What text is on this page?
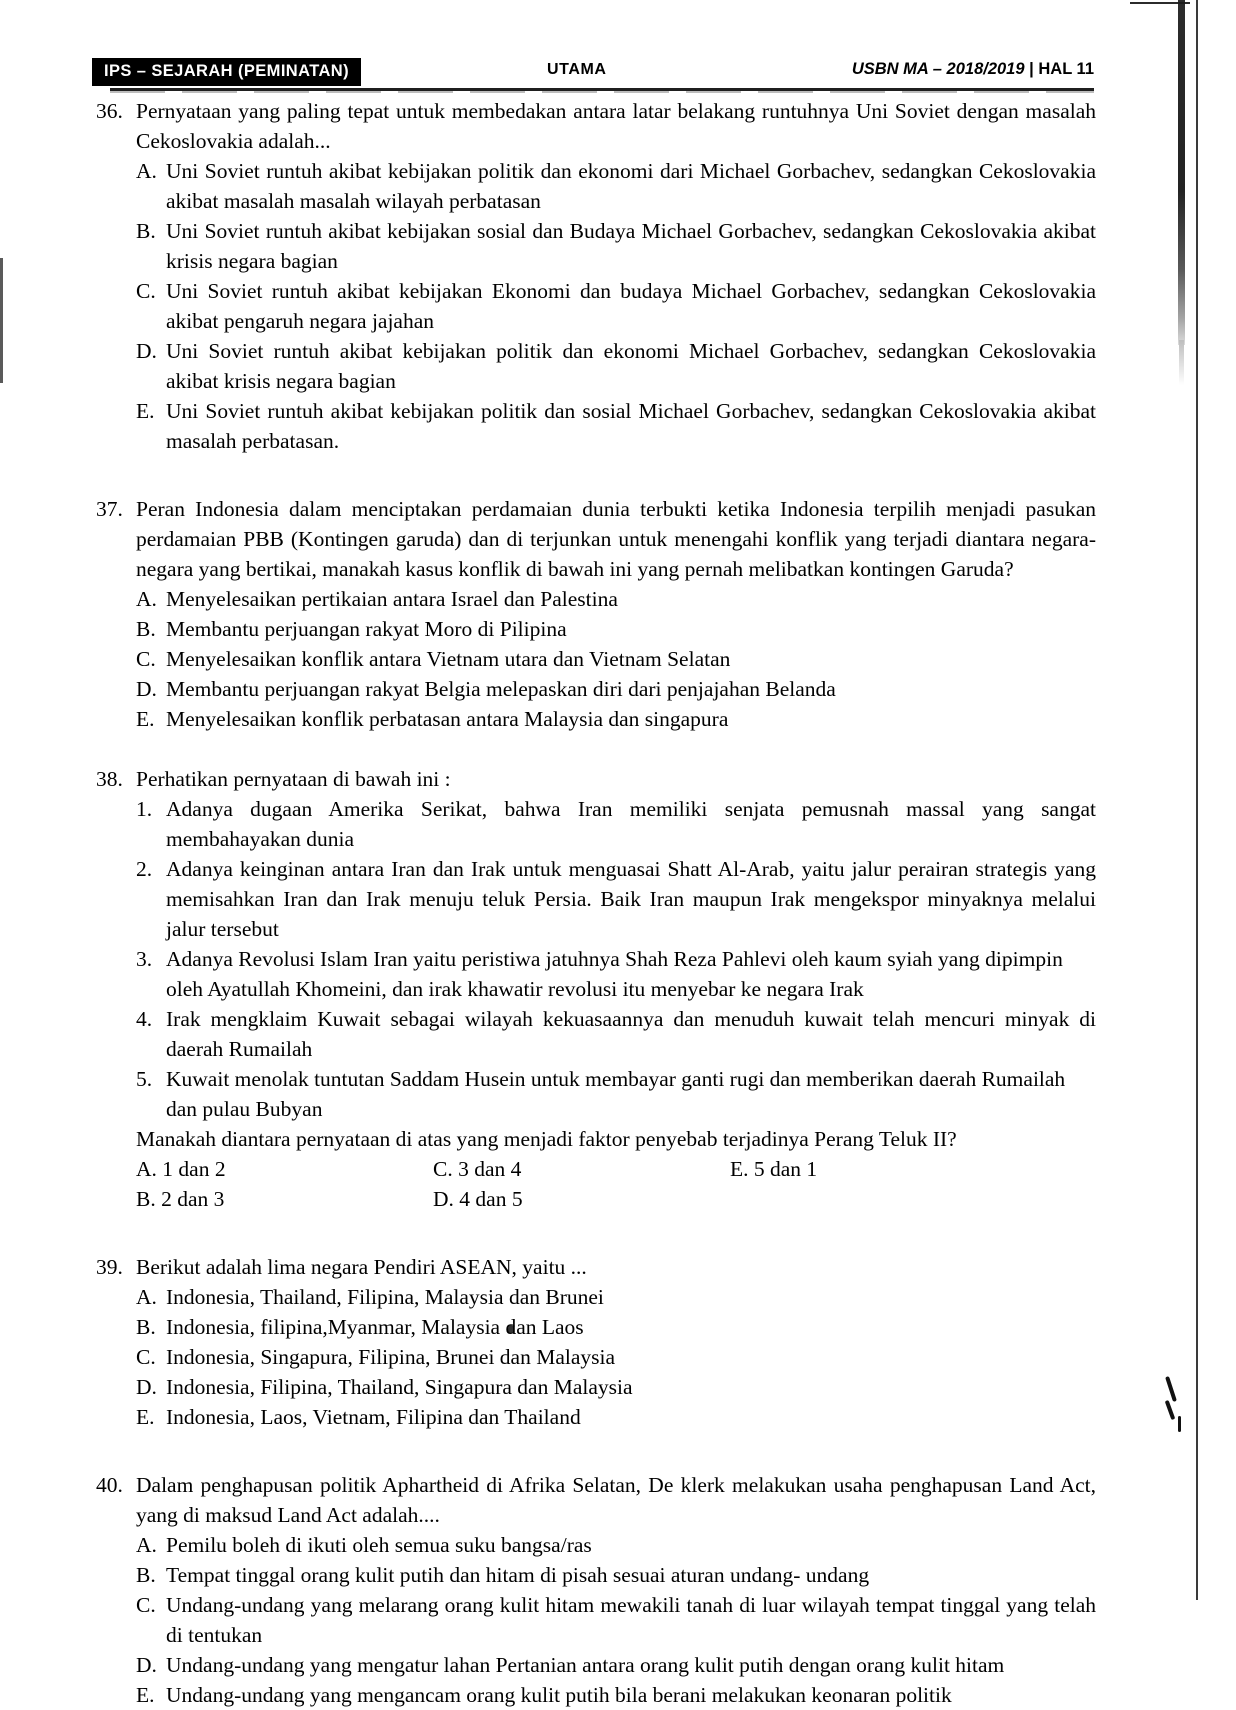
IPS – SEJARAH (PEMINATAN)	UTAMA	USBN MA – 2018/2019 | HAL 11
36. Pernyataan yang paling tepat untuk membedakan antara latar belakang runtuhnya Uni Soviet dengan masalah Cekoslovakia adalah...
A. Uni Soviet runtuh akibat kebijakan politik dan ekonomi dari Michael Gorbachev, sedangkan Cekoslovakia akibat masalah masalah wilayah perbatasan
B. Uni Soviet runtuh akibat kebijakan sosial dan Budaya Michael Gorbachev, sedangkan Cekoslovakia akibat krisis negara bagian
C. Uni Soviet runtuh akibat kebijakan Ekonomi dan budaya Michael Gorbachev, sedangkan Cekoslovakia akibat pengaruh negara jajahan
D. Uni Soviet runtuh akibat kebijakan politik dan ekonomi Michael Gorbachev, sedangkan Cekoslovakia akibat krisis negara bagian
E. Uni Soviet runtuh akibat kebijakan politik dan sosial Michael Gorbachev, sedangkan Cekoslovakia akibat masalah perbatasan.
37. Peran Indonesia dalam menciptakan perdamaian dunia terbukti ketika Indonesia terpilih menjadi pasukan perdamaian PBB (Kontingen garuda) dan di terjunkan untuk menengahi konflik yang terjadi diantara negara-negara yang bertikai, manakah kasus konflik di bawah ini yang pernah melibatkan kontingen Garuda?
A. Menyelesaikan pertikaian antara Israel dan Palestina
B. Membantu perjuangan rakyat Moro di Pilipina
C. Menyelesaikan konflik antara Vietnam utara dan Vietnam Selatan
D. Membantu perjuangan rakyat Belgia melepaskan diri dari penjajahan Belanda
E. Menyelesaikan konflik perbatasan antara Malaysia dan singapura
38. Perhatikan pernyataan di bawah ini :
1. Adanya dugaan Amerika Serikat, bahwa Iran memiliki senjata pemusnah massal yang sangat membahayakan dunia
2. Adanya keinginan antara Iran dan Irak untuk menguasai Shatt Al-Arab, yaitu jalur perairan strategis yang memisahkan Iran dan Irak menuju teluk Persia. Baik Iran maupun Irak mengekspor minyaknya melalui jalur tersebut
3. Adanya Revolusi Islam Iran yaitu peristiwa jatuhnya Shah Reza Pahlevi oleh kaum syiah yang dipimpin oleh Ayatullah Khomeini, dan irak khawatir revolusi itu menyebar ke negara Irak
4. Irak mengklaim Kuwait sebagai wilayah kekuasaannya dan menuduh kuwait telah mencuri minyak di daerah Rumailah
5. Kuwait menolak tuntutan Saddam Husein untuk membayar ganti rugi dan memberikan daerah Rumailah dan pulau Bubyan
Manakah diantara pernyataan di atas yang menjadi faktor penyebab terjadinya Perang Teluk II?
A. 1 dan 2	C. 3 dan 4	E. 5 dan 1
B. 2 dan 3	D. 4 dan 5
39. Berikut adalah lima negara Pendiri ASEAN, yaitu ...
A. Indonesia, Thailand, Filipina, Malaysia dan Brunei
B. Indonesia, filipina,Myanmar, Malaysia dan Laos
C. Indonesia, Singapura, Filipina, Brunei dan Malaysia
D. Indonesia, Filipina, Thailand, Singapura dan Malaysia
E. Indonesia, Laos, Vietnam, Filipina dan Thailand
40. Dalam penghapusan politik Aphartheid di Afrika Selatan, De klerk melakukan usaha penghapusan Land Act, yang di maksud Land Act adalah....
A. Pemilu boleh di ikuti oleh semua suku bangsa/ras
B. Tempat tinggal orang kulit putih dan hitam di pisah sesuai aturan undang- undang
C. Undang-undang yang melarang orang kulit hitam mewakili tanah di luar wilayah tempat tinggal yang telah di tentukan
D. Undang-undang yang mengatur lahan Pertanian antara orang kulit putih dengan orang kulit hitam
E. Undang-undang yang mengancam orang kulit putih bila berani melakukan keonaran politik
